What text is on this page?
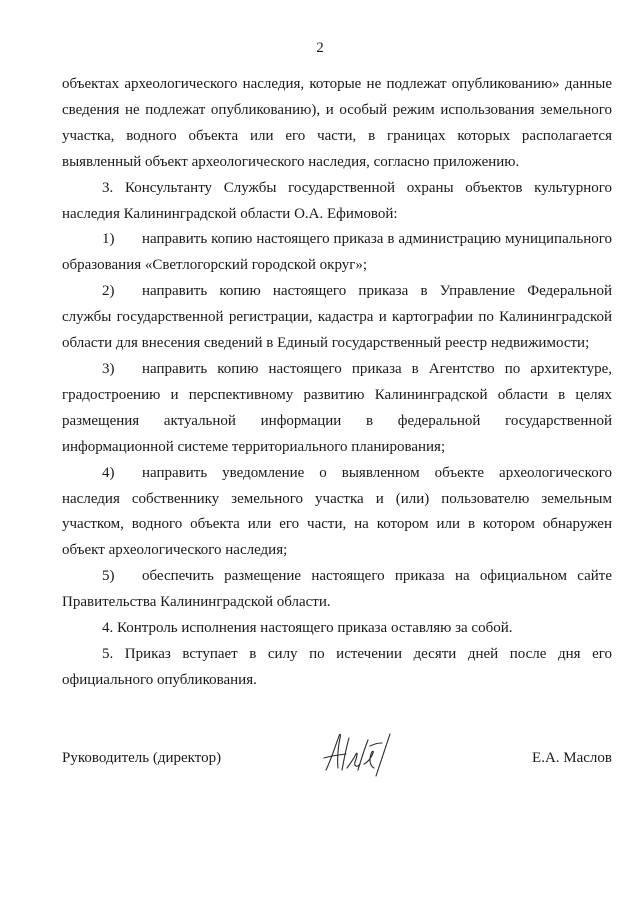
2

объектах археологического наследия, которые не подлежат опубликованию» данные сведения не подлежат опубликованию), и особый режим использования земельного участка, водного объекта или его части, в границах которых располагается выявленный объект археологического наследия, согласно приложению.

3. Консультанту Службы государственной охраны объектов культурного наследия Калининградской области О.А. Ефимовой:

1) направить копию настоящего приказа в администрацию муниципального образования «Светлогорский городской округ»;

2) направить копию настоящего приказа в Управление Федеральной службы государственной регистрации, кадастра и картографии по Калининградской области для внесения сведений в Единый государственный реестр недвижимости;

3) направить копию настоящего приказа в Агентство по архитектуре, градостроению и перспективному развитию Калининградской области в целях размещения актуальной информации в федеральной государственной информационной системе территориального планирования;

4) направить уведомление о выявленном объекте археологического наследия собственнику земельного участка и (или) пользователю земельным участком, водного объекта или его части, на котором или в котором обнаружен объект археологического наследия;

5) обеспечить размещение настоящего приказа на официальном сайте Правительства Калининградской области.

4. Контроль исполнения настоящего приказа оставляю за собой.

5. Приказ вступает в силу по истечении десяти дней после дня его официального опубликования.

Руководитель (директор)	Е.А. Маслов
